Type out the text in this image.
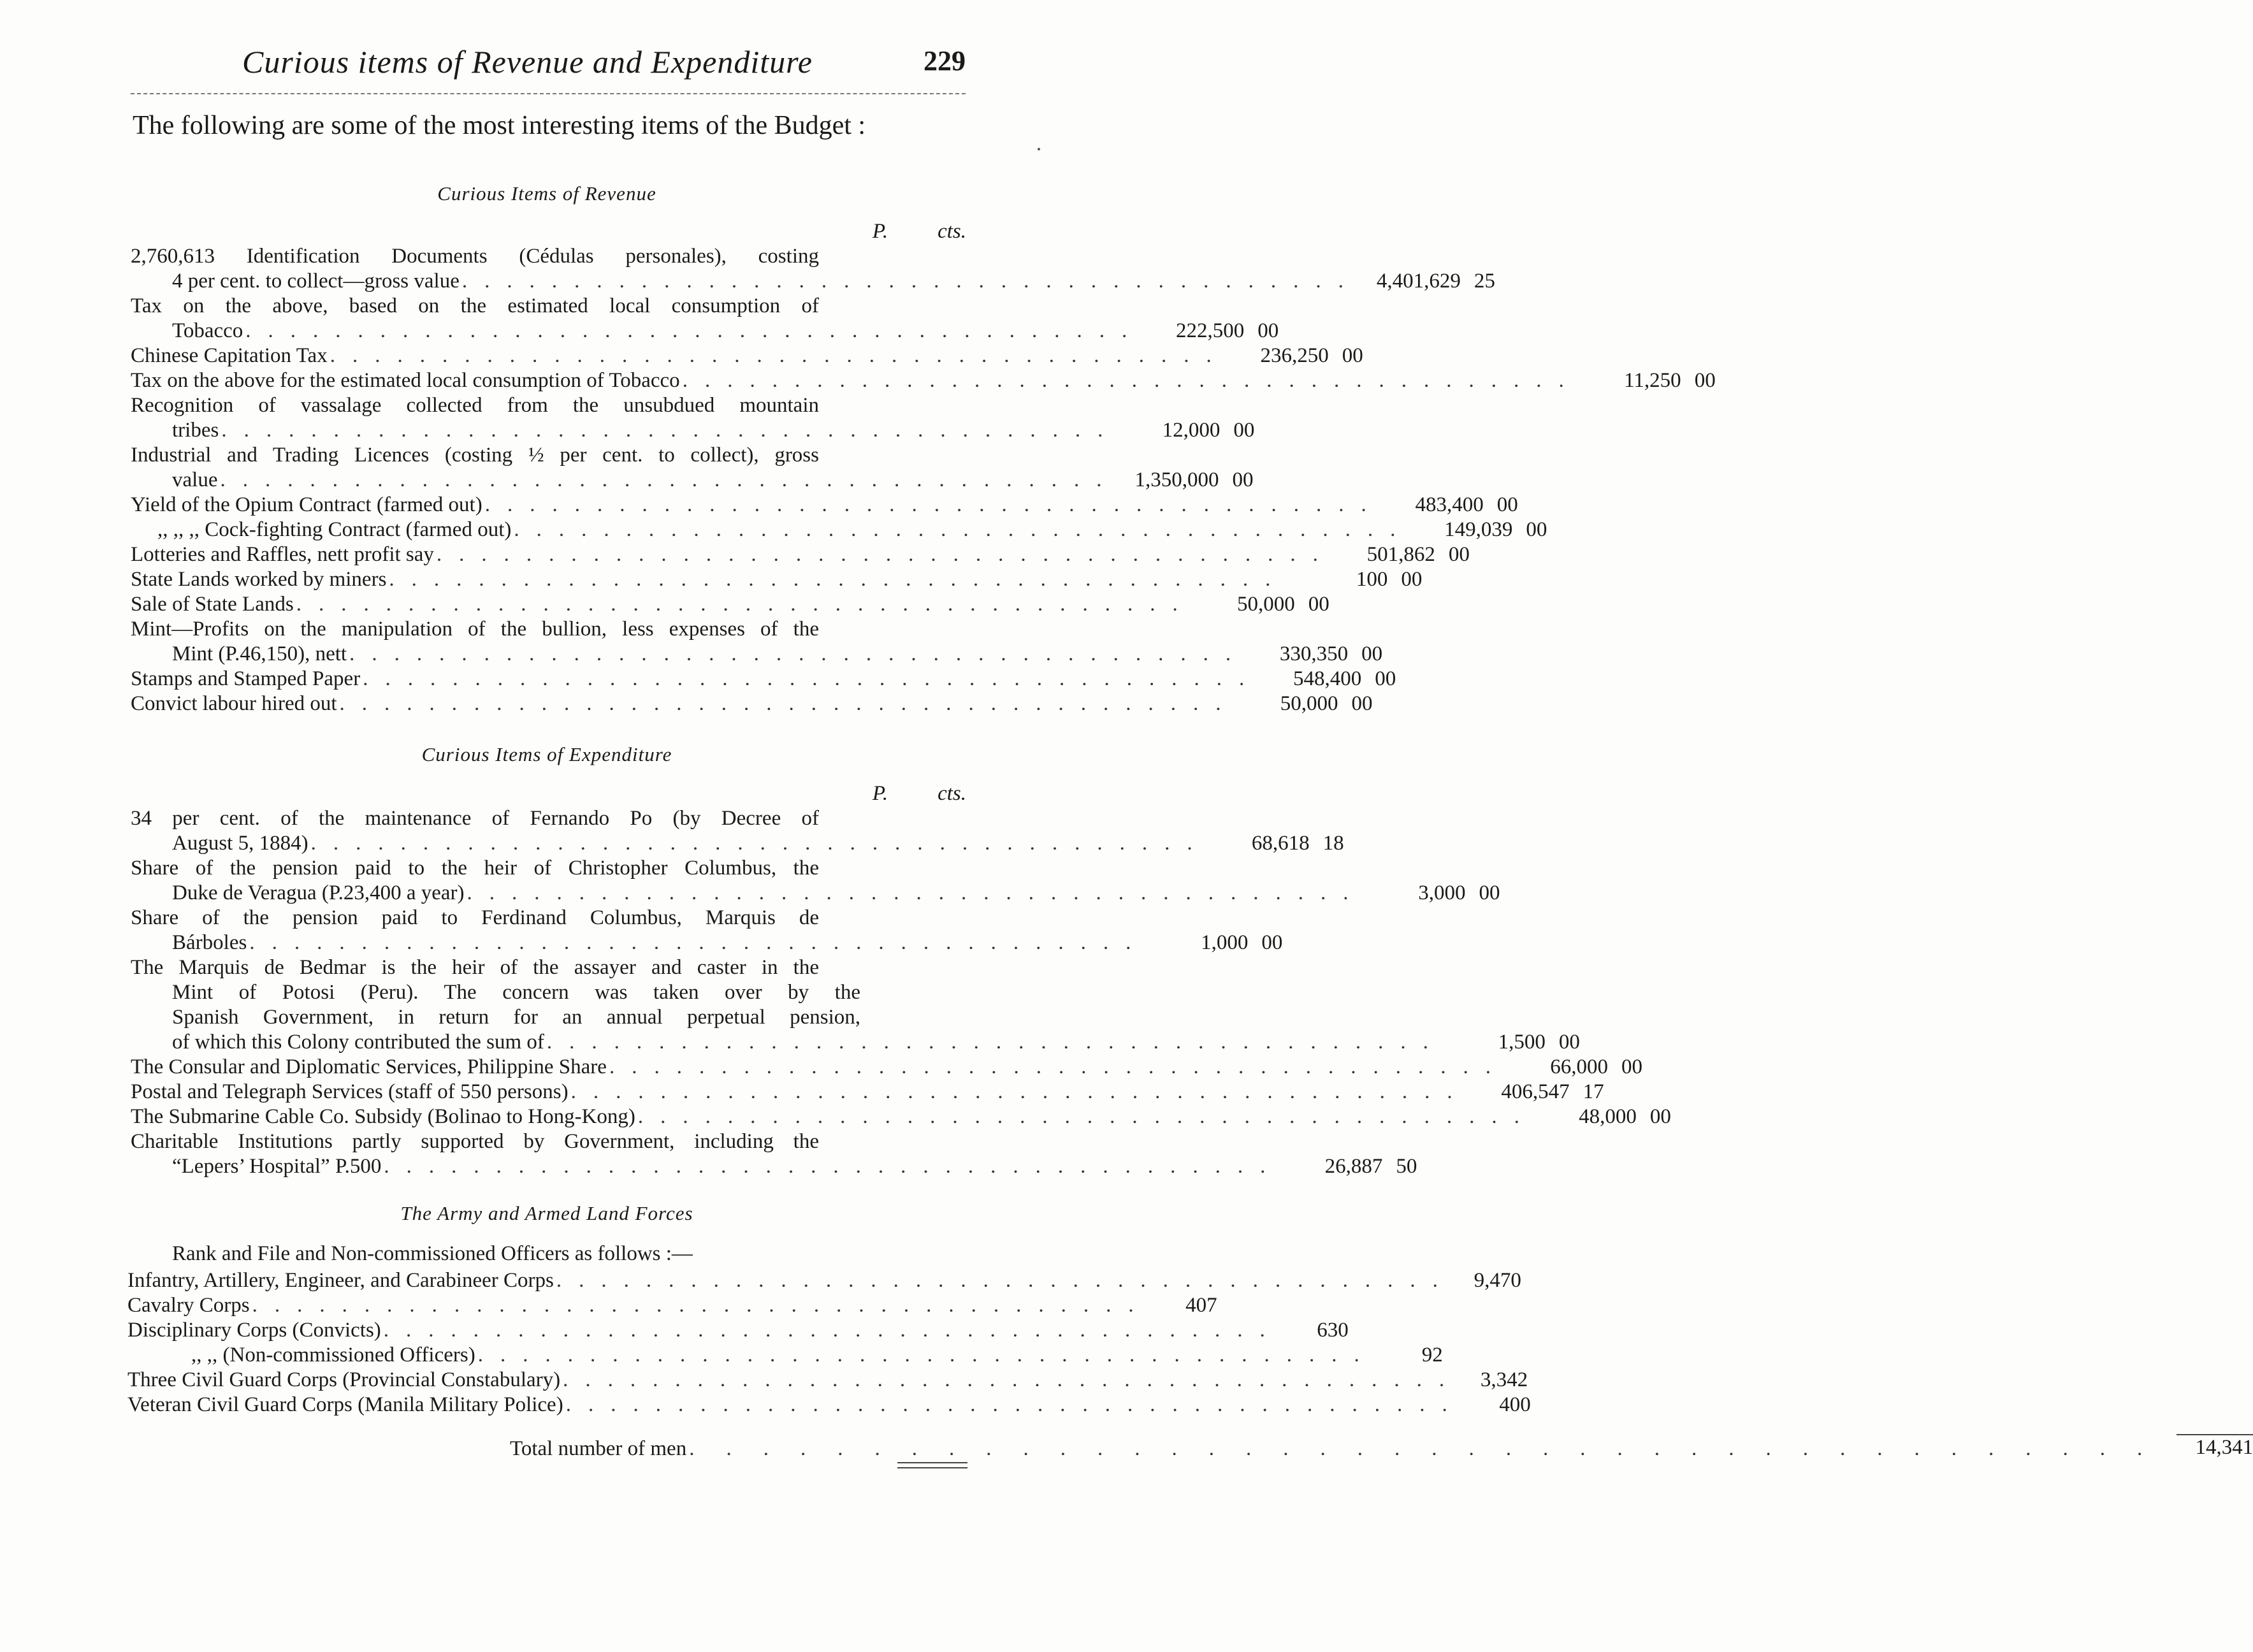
Curious items of Revenue and Expenditure	229
The following are some of the most interesting items of the Budget :
Curious Items of Revenue
P. cts.
2,760,613 Identification Documents (Cédulas personales), costing
4 per cent. to collect—gross value ........................................ 4,401,629 25
Tax on the above, based on the estimated local consumption of
Tobacco ........................................	222,500 00
Chinese Capitation Tax ........................................	236,250 00
Tax on the above for the estimated local consumption of Tobacco ........................................	11,250 00
Recognition of vassalage collected from the unsubdued mountain
tribes ........................................	12,000 00
Industrial and Trading Licences (costing ½ per cent. to collect), gross
value ........................................ 1,350,000 00
Yield of the Opium Contract (farmed out) ........................................	483,400 00
,, ,, ,, Cock-fighting Contract (farmed out) ........................................	149,039 00
Lotteries and Raffles, nett profit say ........................................	501,862 00
State Lands worked by miners ........................................	100 00
Sale of State Lands ........................................	50,000 00
Mint—Profits on the manipulation of the bullion, less expenses of the
Mint (P.46,150), nett ........................................	330,350 00
Stamps and Stamped Paper ........................................	548,400 00
Convict labour hired out ........................................	50,000 00
Curious Items of Expenditure
P. cts.
34 per cent. of the maintenance of Fernando Po (by Decree of
August 5, 1884) ........................................	68,618 18
Share of the pension paid to the heir of Christopher Columbus, the
Duke de Veragua (P.23,400 a year) ........................................	3,000 00
Share of the pension paid to Ferdinand Columbus, Marquis de
Bárboles ........................................	1,000 00
The Marquis de Bedmar is the heir of the assayer and caster in the
Mint of Potosi (Peru). The concern was taken over by the
Spanish Government, in return for an annual perpetual pension,
of which this Colony contributed the sum of ........................................	1,500 00
The Consular and Diplomatic Services, Philippine Share ........................................	66,000 00
Postal and Telegraph Services (staff of 550 persons) ........................................	406,547 17
The Submarine Cable Co. Subsidy (Bolinao to Hong-Kong) ........................................	48,000 00
Charitable Institutions partly supported by Government, including the
“Lepers’ Hospital” P.500 ........................................	26,887 50
The Army and Armed Land Forces
Rank and File and Non-commissioned Officers as follows :—
Infantry, Artillery, Engineer, and Carabineer Corps ........................................ 9,470
Cavalry Corps ........................................	407
Disciplinary Corps (Convicts) ........................................	630
,, ,, (Non-commissioned Officers) ........................................	92
Three Civil Guard Corps (Provincial Constabulary) ........................................ 3,342
Veteran Civil Guard Corps (Manila Military Police) ........................................	400
Total number of men ........................................	14,341
